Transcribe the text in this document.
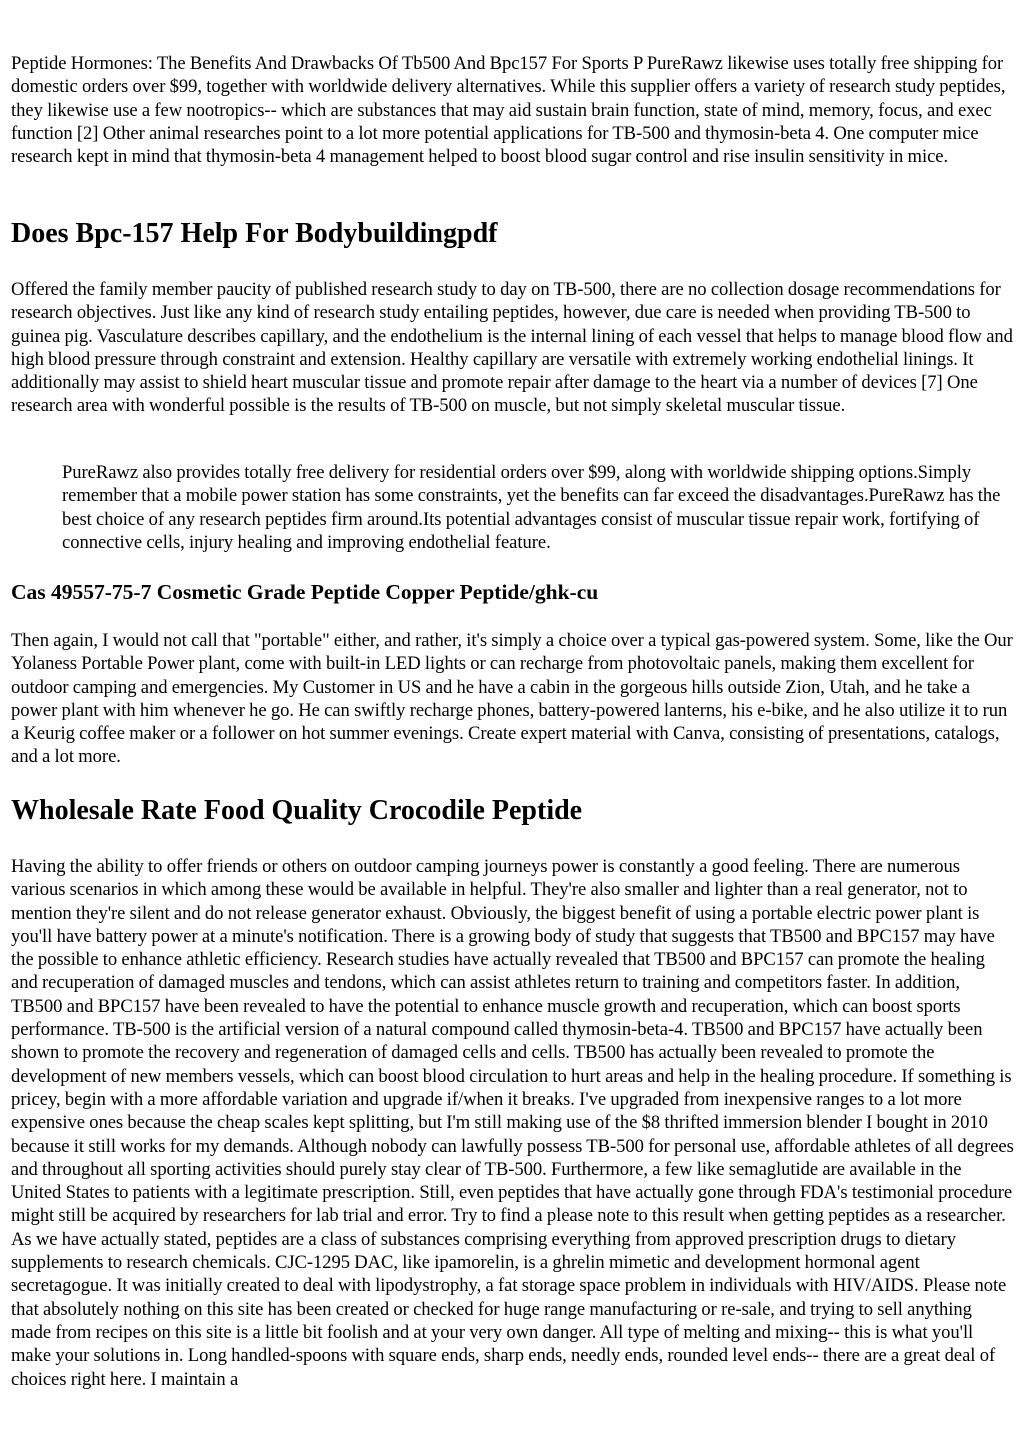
Peptide Hormones: The Benefits And Drawbacks Of Tb500 And Bpc157 For Sports P PureRawz likewise uses totally free shipping for domestic orders over $99, together with worldwide delivery alternatives. While this supplier offers a variety of research study peptides, they likewise use a few nootropics-- which are substances that may aid sustain brain function, state of mind, memory, focus, and exec function [2] Other animal researches point to a lot more potential applications for TB-500 and thymosin-beta 4. One computer mice research kept in mind that thymosin-beta 4 management helped to boost blood sugar control and rise insulin sensitivity in mice.

Does Bpc-157 Help For Bodybuildingpdf

Offered the family member paucity of published research study to day on TB-500, there are no collection dosage recommendations for research objectives. Just like any kind of research study entailing peptides, however, due care is needed when providing TB-500 to guinea pig. Vasculature describes capillary, and the endothelium is the internal lining of each vessel that helps to manage blood flow and high blood pressure through constraint and extension. Healthy capillary are versatile with extremely working endothelial linings. It additionally may assist to shield heart muscular tissue and promote repair after damage to the heart via a number of devices [7] One research area with wonderful possible is the results of TB-500 on muscle, but not simply skeletal muscular tissue.

PureRawz also provides totally free delivery for residential orders over $99, along with worldwide shipping options.Simply remember that a mobile power station has some constraints, yet the benefits can far exceed the disadvantages.PureRawz has the best choice of any research peptides firm around.Its potential advantages consist of muscular tissue repair work, fortifying of connective cells, injury healing and improving endothelial feature.
Cas 49557-75-7 Cosmetic Grade Peptide Copper Peptide/ghk-cu

Then again, I would not call that "portable" either, and rather, it's simply a choice over a typical gas-powered system. Some, like the Our Yolaness Portable Power plant, come with built-in LED lights or can recharge from photovoltaic panels, making them excellent for outdoor camping and emergencies. My Customer in US and he have a cabin in the gorgeous hills outside Zion, Utah, and he take a power plant with him whenever he go. He can swiftly recharge phones, battery-powered lanterns, his e-bike, and he also utilize it to run a Keurig coffee maker or a follower on hot summer evenings. Create expert material with Canva, consisting of presentations, catalogs, and a lot more.

Wholesale Rate Food Quality Crocodile Peptide

Having the ability to offer friends or others on outdoor camping journeys power is constantly a good feeling. There are numerous various scenarios in which among these would be available in helpful. They're also smaller and lighter than a real generator, not to mention they're silent and do not release generator exhaust. Obviously, the biggest benefit of using a portable electric power plant is you'll have battery power at a minute's notification. There is a growing body of study that suggests that TB500 and BPC157 may have the possible to enhance athletic efficiency. Research studies have actually revealed that TB500 and BPC157 can promote the healing and recuperation of damaged muscles and tendons, which can assist athletes return to training and competitors faster. In addition, TB500 and BPC157 have been revealed to have the potential to enhance muscle growth and recuperation, which can boost sports performance. TB-500 is the artificial version of a natural compound called thymosin-beta-4. TB500 and BPC157 have actually been shown to promote the recovery and regeneration of damaged cells and cells. TB500 has actually been revealed to promote the development of new members vessels, which can boost blood circulation to hurt areas and help in the healing procedure. If something is pricey, begin with a more affordable variation and upgrade if/when it breaks. I've upgraded from inexpensive ranges to a lot more expensive ones because the cheap scales kept splitting, but I'm still making use of the $8 thrifted immersion blender I bought in 2010 because it still works for my demands. Although nobody can lawfully possess TB-500 for personal use, affordable athletes of all degrees and throughout all sporting activities should purely stay clear of TB-500. Furthermore, a few like semaglutide are available in the United States to patients with a legitimate prescription. Still, even peptides that have actually gone through FDA's testimonial procedure might still be acquired by researchers for lab trial and error. Try to find a please note to this result when getting peptides as a researcher. As we have actually stated, peptides are a class of substances comprising everything from approved prescription drugs to dietary supplements to research chemicals. CJC-1295 DAC, like ipamorelin, is a ghrelin mimetic and development hormonal agent secretagogue. It was initially created to deal with lipodystrophy, a fat storage space problem in individuals with HIV/AIDS. Please note that absolutely nothing on this site has been created or checked for huge range manufacturing or re-sale, and trying to sell anything made from recipes on this site is a little bit foolish and at your very own danger. All type of melting and mixing-- this is what you'll make your solutions in. Long handled-spoons with square ends, sharp ends, needly ends, rounded level ends-- there are a great deal of choices right here. I maintain a
